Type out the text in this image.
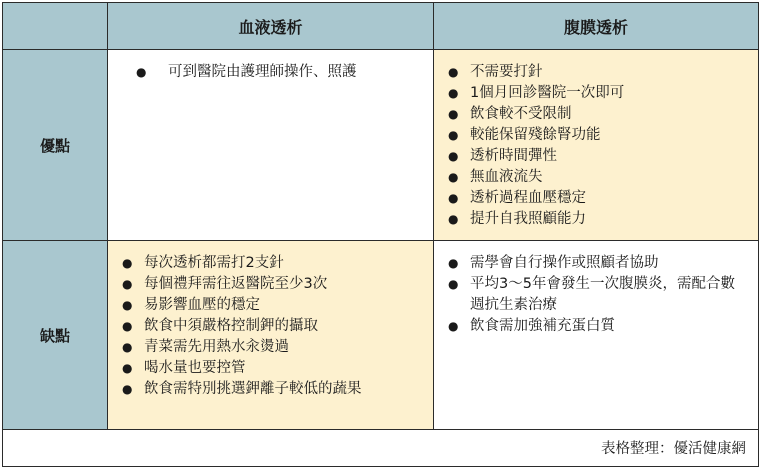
血液透析	腹膜透析
優點
● 可到醫院由護理師操作、照護	● 不需要打針
● 1個月回診醫院一次即可
● 飲食較不受限制
● 較能保留殘餘腎功能
● 透析時間彈性
● 無血液流失
● 透析過程血壓穩定
● 提升自我照顧能力
缺點
● 每次透析都需打2支針
● 每個禮拜需往返醫院至少3次
● 易影響血壓的穩定
● 飲食中須嚴格控制鉀的攝取
● 青菜需先用熱水汆燙過
● 喝水量也要控管
● 飲食需特別挑選鉀離子較低的蔬果
● 需學會自行操作或照顧者協助
● 平均3～5年會發生一次腹膜炎，需配合數週抗生素治療
● 飲食需加強補充蛋白質
表格整理：優活健康網
